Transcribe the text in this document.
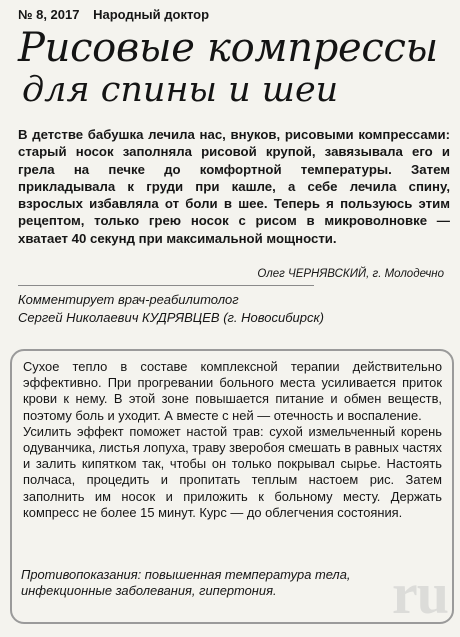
№ 8, 2017 Народный доктор
Рисовые компрессы
для спины и шеи
В детстве бабушка лечила нас, внуков, рисовыми компрессами: старый носок заполняла рисовой крупой, завязывала его и грела на печке до комфортной температуры. Затем прикладывала к груди при кашле, а себе лечила спину, взрослых избавляла от боли в шее. Теперь я пользуюсь этим рецептом, только грею носок с рисом в микроволновке — хватает 40 секунд при максимальной мощности.
Олег ЧЕРНЯВСКИЙ, г. Молодечно
Комментирует врач-реабилитолог
Сергей Николаевич КУДРЯВЦЕВ (г. Новосибирск)

Сухое тепло в составе комплексной терапии действительно эффективно. При прогревании больного места усиливается приток крови к нему. В этой зоне повышается питание и обмен веществ, поэтому боль и уходит. А вместе с ней — отечность и воспаление.

Усилить эффект поможет настой трав: сухой измельченный корень одуванчика, листья лопуха, траву зверобоя смешать в равных частях и залить кипятком так, чтобы он только покрывал сырье. Настоять полчаса, процедить и пропитать теплым настоем рис. Затем заполнить им носок и приложить к больному месту. Держать компресс не более 15 минут. Курс — до облегчения состояния.

ru
Противопоказания: повышенная температура тела,
инфекционные заболевания, гипертония.
